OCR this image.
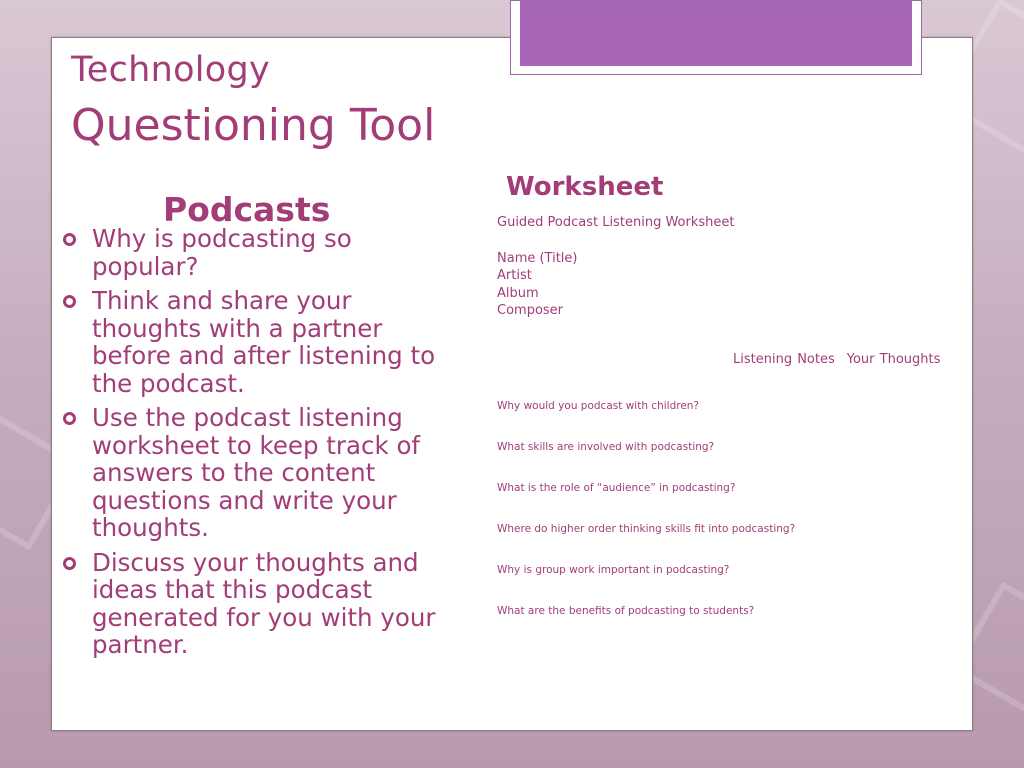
Technology
Questioning Tool
Podcasts
Why is podcasting so popular?
Think and share your thoughts with a partner before and after listening to the podcast.
Use the podcast listening worksheet to keep track of answers to the content questions and write your thoughts.
Discuss your thoughts and ideas that this podcast generated for you with your partner.
Worksheet
Guided Podcast Listening Worksheet
Name (Title)
Artist
Album
Composer
Listening Notes Your Thoughts
Why would you podcast with children?
What skills are involved with podcasting?
What is the role of “audience” in podcasting?
Where do higher order thinking skills fit into podcasting?
Why is group work important in podcasting?
What are the benefits of podcasting to students?
